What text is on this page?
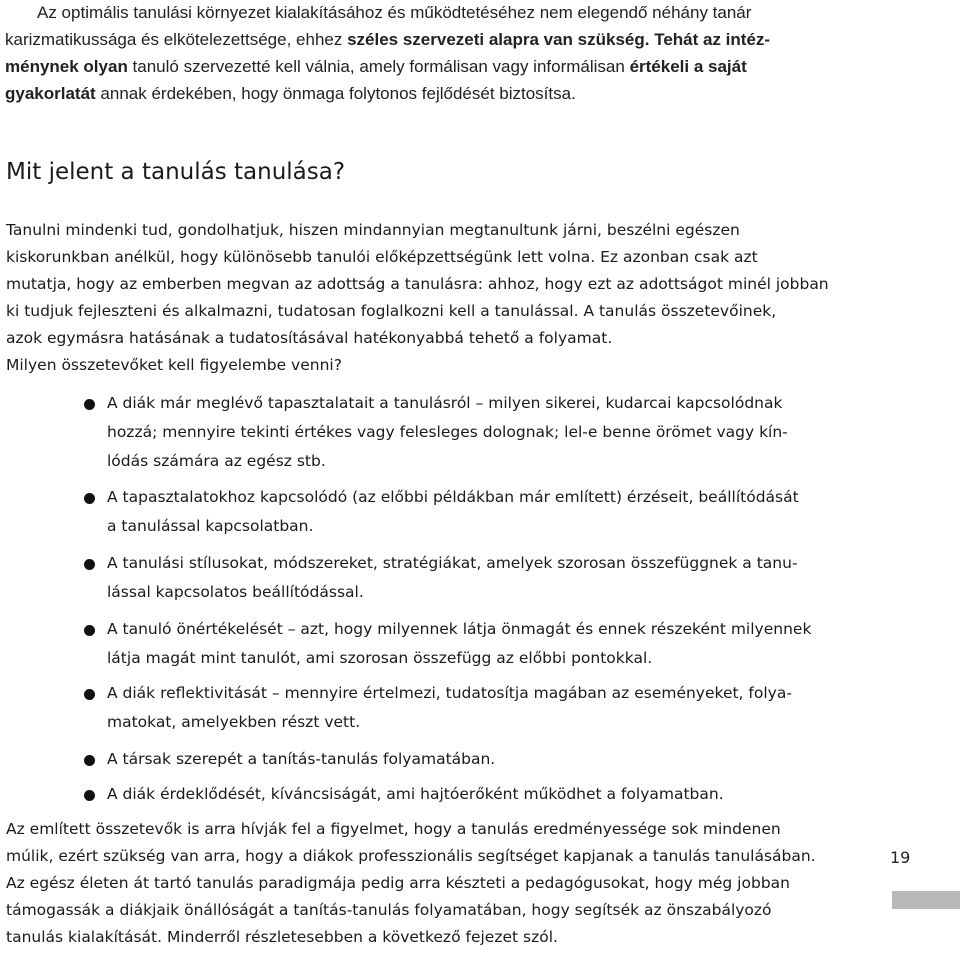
Az optimális tanulási környezet kialakításához és működtetéséhez nem elegendő néhány tanár
karizmatikussága és elkötelezettsége, ehhez széles szervezeti alapra van szükség. Tehát az intéz-
ménynek olyan tanuló szervezetté kell válnia, amely formálisan vagy informálisan értékeli a saját
gyakorlatát annak érdekében, hogy önmaga folytonos fejlődését biztosítsa.
Mit jelent a tanulás tanulása?
Tanulni mindenki tud, gondolhatjuk, hiszen mindannyian megtanultunk járni, beszélni egészen
kiskorunkban anélkül, hogy különösebb tanulói előképzettségünk lett volna. Ez azonban csak azt
mutatja, hogy az emberben megvan az adottság a tanulásra: ahhoz, hogy ezt az adottságot minél jobban
ki tudjuk fejleszteni és alkalmazni, tudatosan foglalkozni kell a tanulással. A tanulás összetevőinek,
azok egymásra hatásának a tudatosításával hatékonyabbá tehető a folyamat.
Milyen összetevőket kell figyelembe venni?
A diák már meglévő tapasztalatait a tanulásról – milyen sikerei, kudarcai kapcsolódnak
hozzá; mennyire tekinti értékes vagy felesleges dolognak; lel-e benne örömet vagy kín-
lódás számára az egész stb.
A tapasztalatokhoz kapcsolódó (az előbbi példákban már említett) érzéseit, beállítódását
a tanulással kapcsolatban.
A tanulási stílusokat, módszereket, stratégiákat, amelyek szorosan összefüggnek a tanu-
lással kapcsolatos beállítódással.
A tanuló önértékelését – azt, hogy milyennek látja önmagát és ennek részeként milyennek
látja magát mint tanulót, ami szorosan összefügg az előbbi pontokkal.
A diák reflektivitását – mennyire értelmezi, tudatosítja magában az eseményeket, folya-
matokat, amelyekben részt vett.
A társak szerepét a tanítás-tanulás folyamatában.
A diák érdeklődését, kíváncsiságát, ami hajtóerőként működhet a folyamatban.
Az említett összetevők is arra hívják fel a figyelmet, hogy a tanulás eredményessége sok mindenen
múlik, ezért szükség van arra, hogy a diákok professzionális segítséget kapjanak a tanulás tanulásában.
Az egész életen át tartó tanulás paradigmája pedig arra készteti a pedagógusokat, hogy még jobban
támogassák a diákjaik önállóságát a tanítás-tanulás folyamatában, hogy segítsék az önszabályozó
tanulás kialakítását. Minderről részletesebben a következő fejezet szól.
19
